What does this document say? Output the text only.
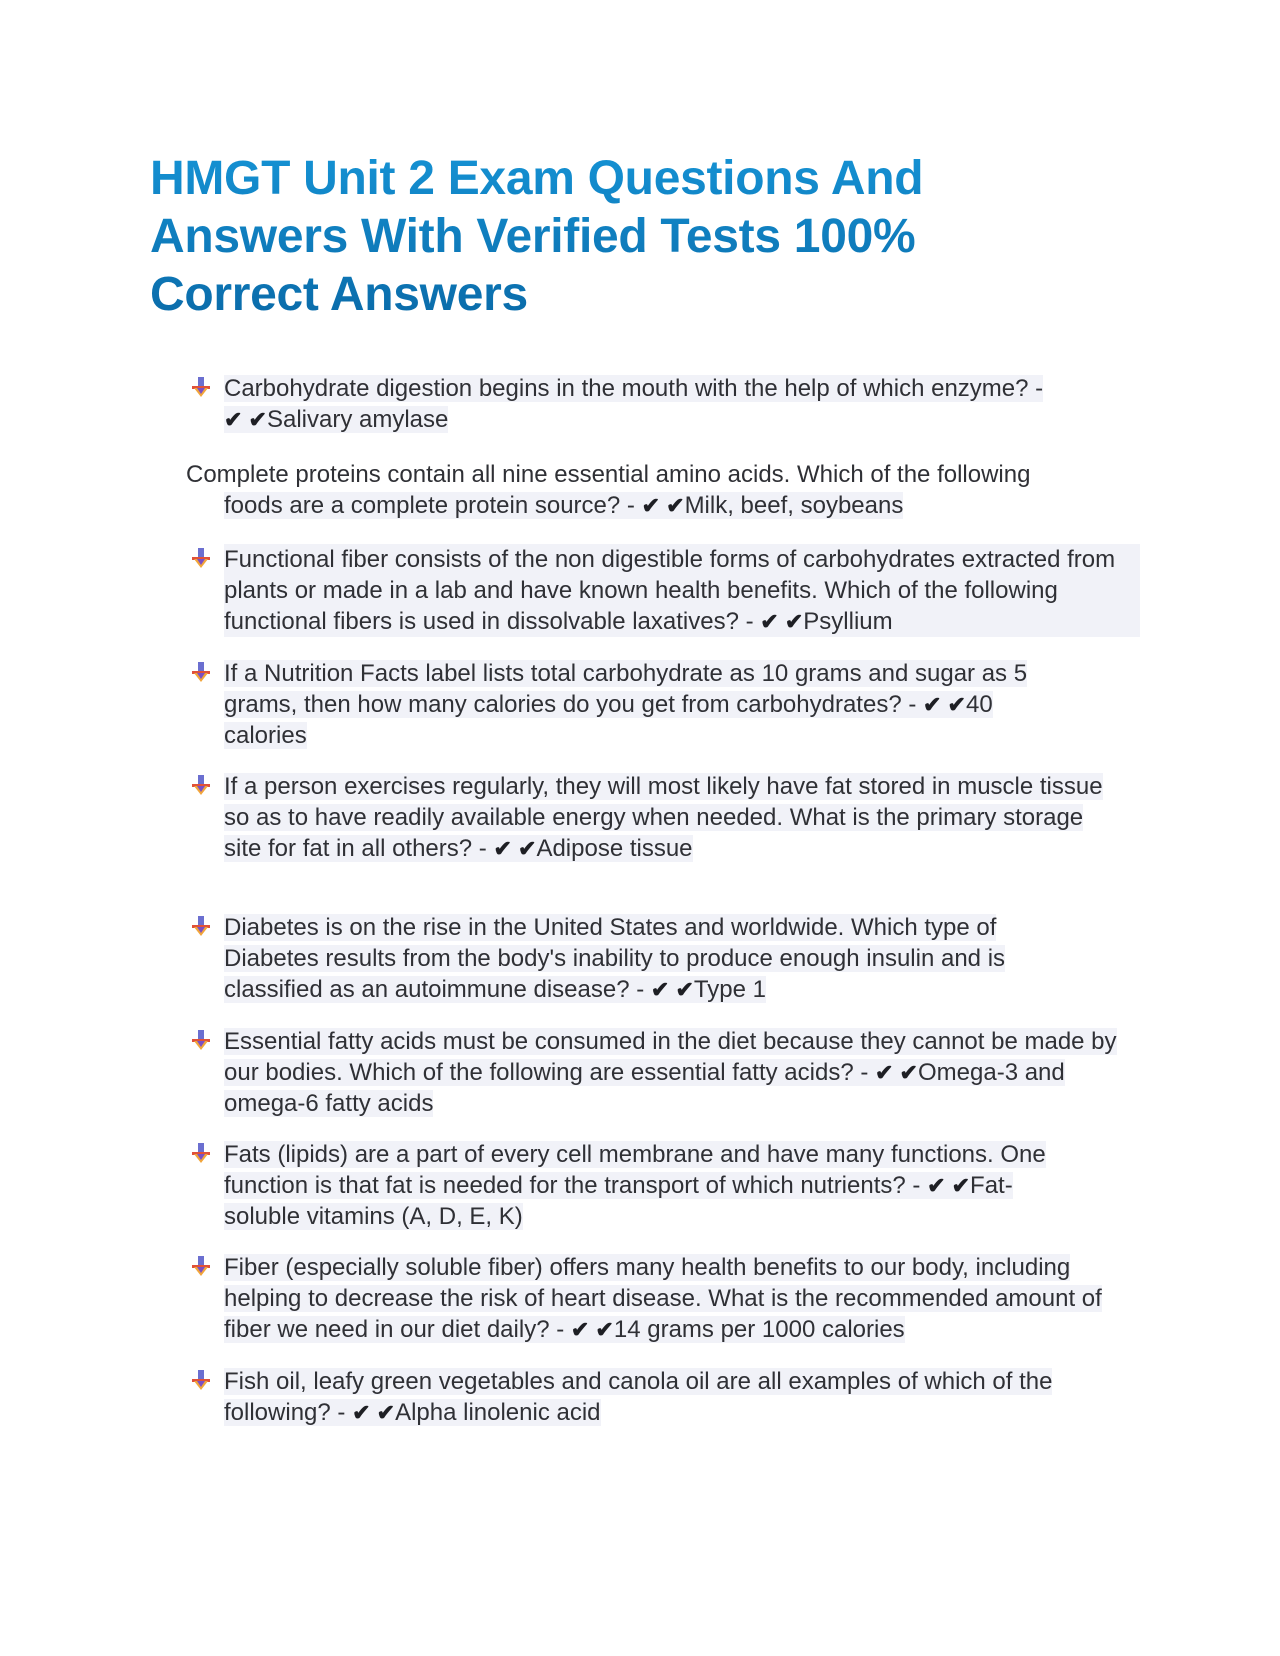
HMGT Unit 2 Exam Questions And Answers With Verified Tests 100% Correct Answers
Carbohydrate digestion begins in the mouth with the help of which enzyme? -
✔ ✔Salivary amylase
Complete proteins contain all nine essential amino acids. Which of the following
foods are a complete protein source? - ✔ ✔Milk, beef, soybeans
Functional fiber consists of the non digestible forms of carbohydrates extracted from plants or made in a lab and have known health benefits. Which of the following functional fibers is used in dissolvable laxatives? - ✔ ✔Psyllium
If a Nutrition Facts label lists total carbohydrate as 10 grams and sugar as 5 grams, then how many calories do you get from carbohydrates? - ✔ ✔40 calories
If a person exercises regularly, they will most likely have fat stored in muscle tissue so as to have readily available energy when needed. What is the primary storage site for fat in all others? - ✔ ✔Adipose tissue
Diabetes is on the rise in the United States and worldwide. Which type of Diabetes results from the body's inability to produce enough insulin and is classified as an autoimmune disease? - ✔ ✔Type 1
Essential fatty acids must be consumed in the diet because they cannot be made by our bodies. Which of the following are essential fatty acids? - ✔ ✔Omega-3 and omega-6 fatty acids
Fats (lipids) are a part of every cell membrane and have many functions. One function is that fat is needed for the transport of which nutrients? - ✔ ✔Fat-soluble vitamins (A, D, E, K)
Fiber (especially soluble fiber) offers many health benefits to our body, including helping to decrease the risk of heart disease. What is the recommended amount of fiber we need in our diet daily? - ✔ ✔14 grams per 1000 calories
Fish oil, leafy green vegetables and canola oil are all examples of which of the following? - ✔ ✔Alpha linolenic acid
